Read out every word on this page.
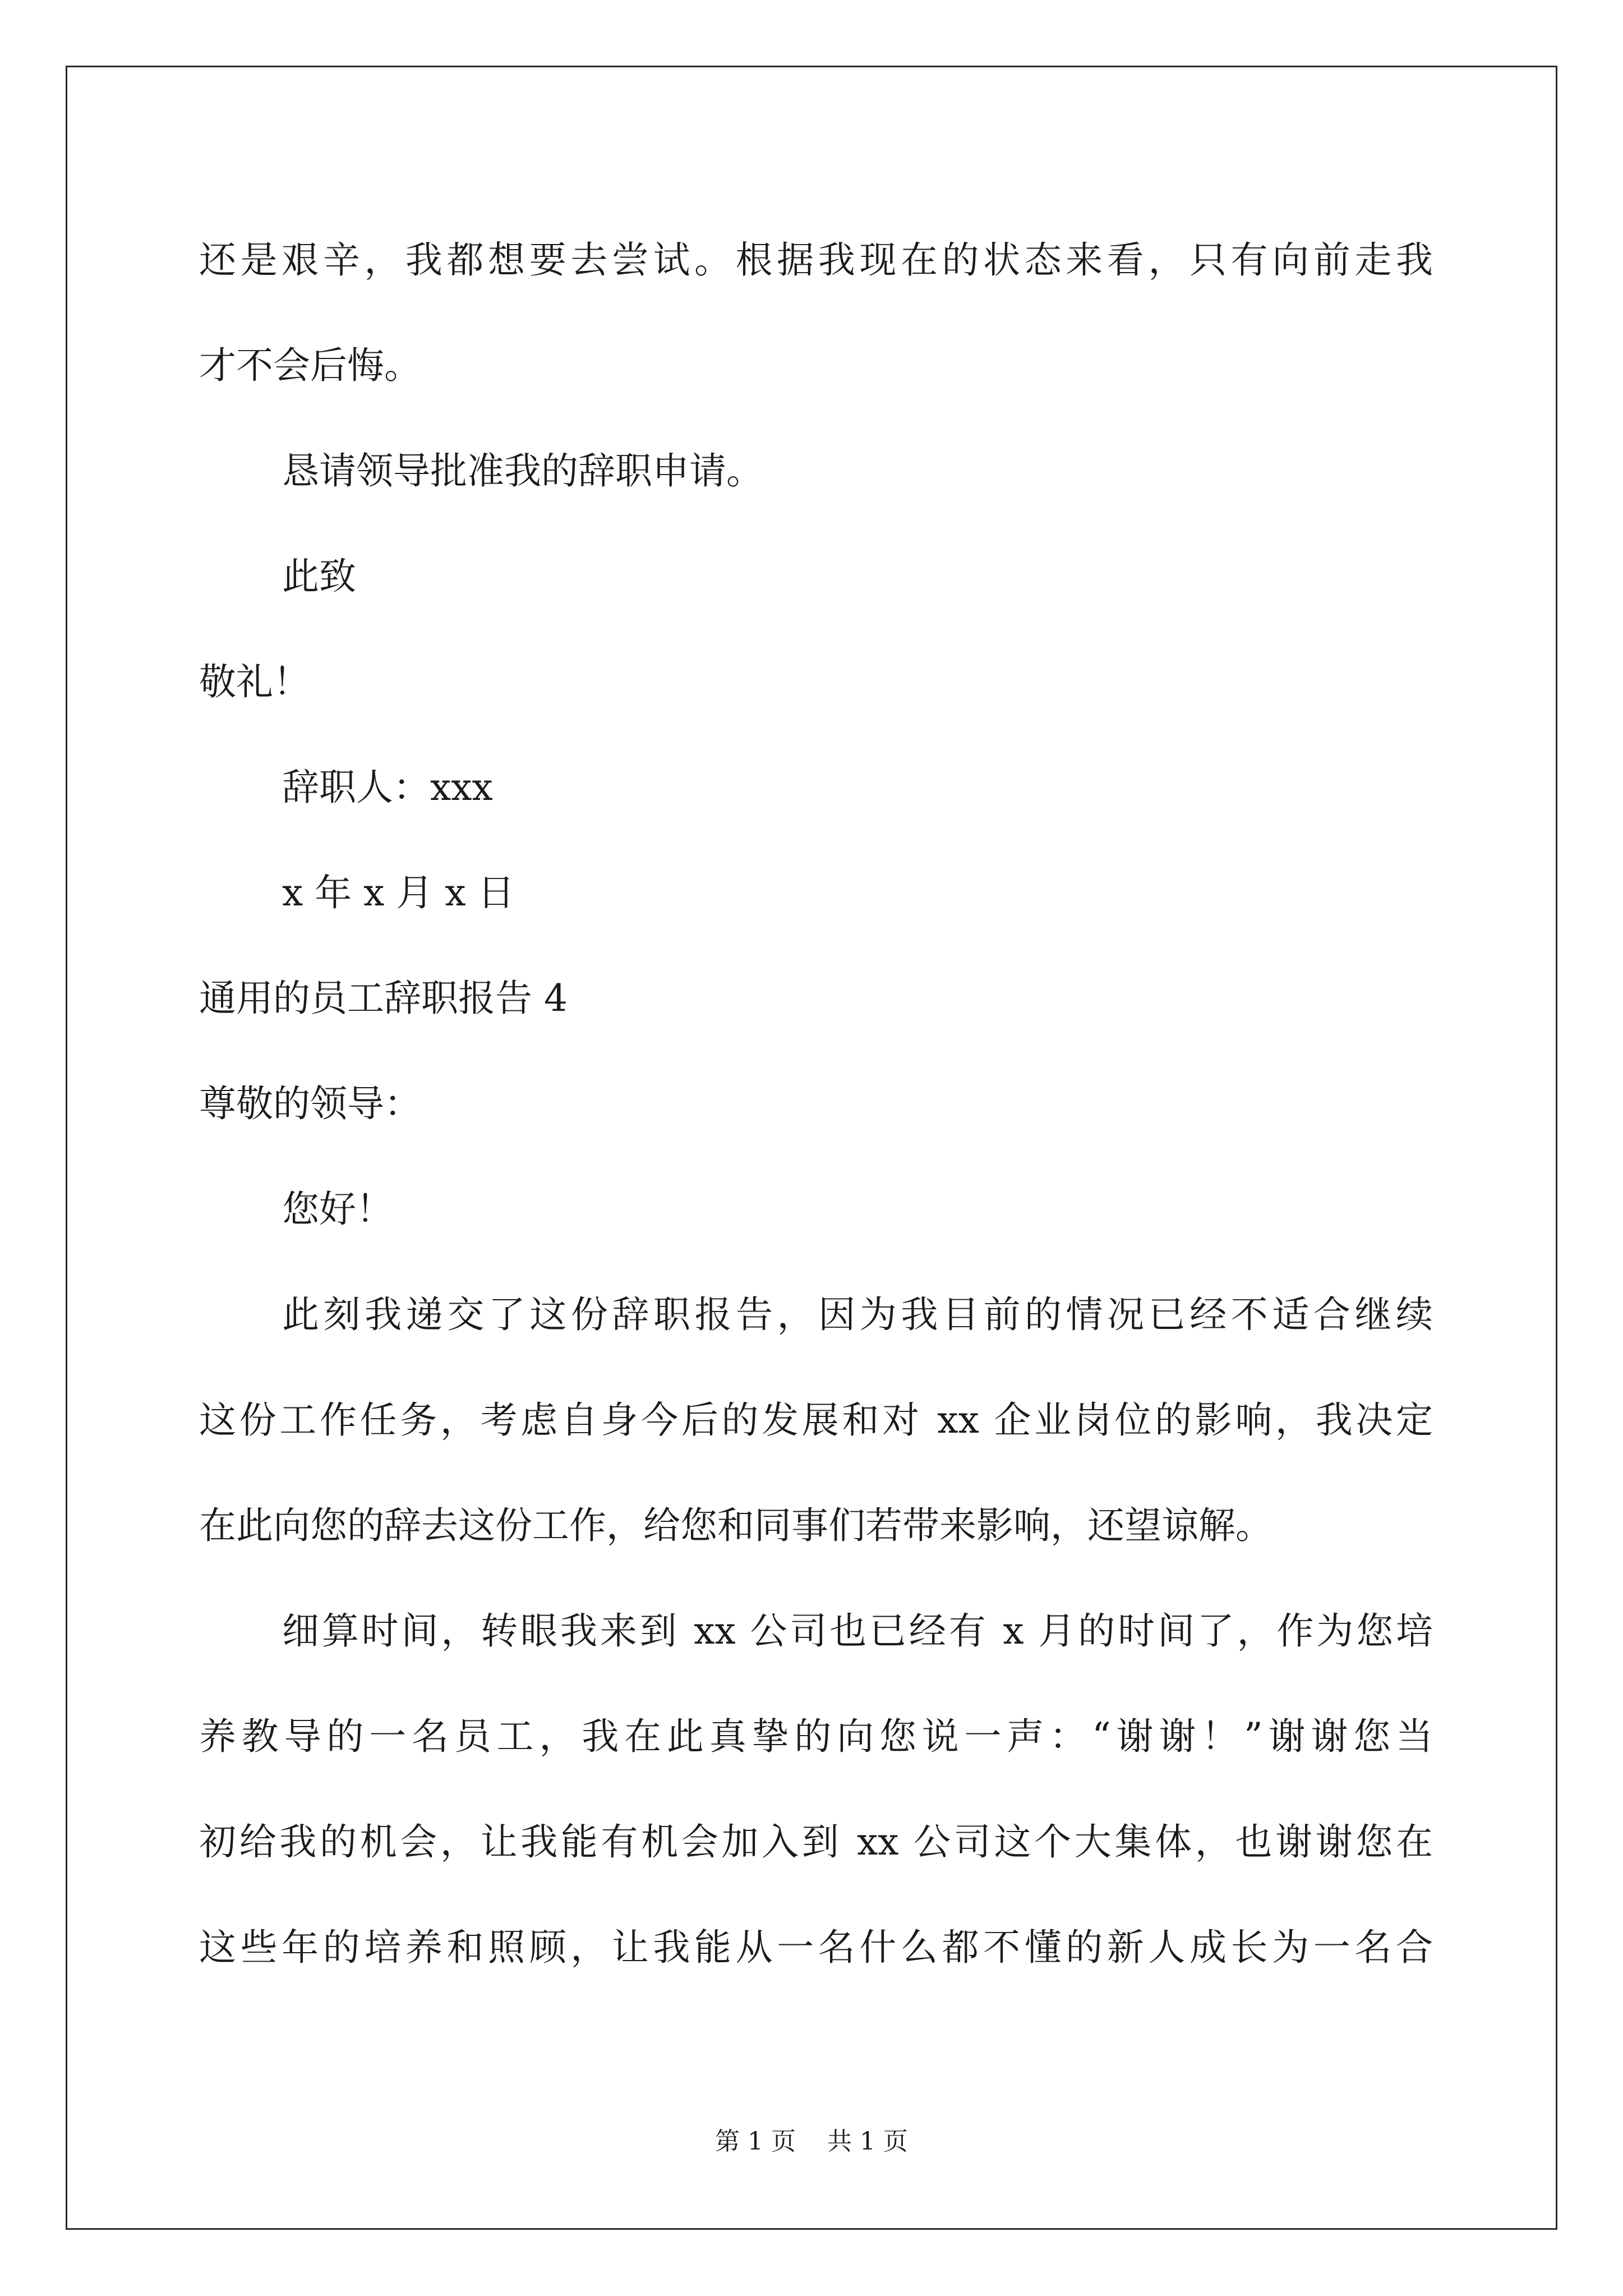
还是艰辛，我都想要去尝试。根据我现在的状态来看，只有向前走我
才不会后悔。
恳请领导批准我的辞职申请。
此致
敬礼！
辞职人：xxx
x 年 x 月 x 日
通用的员工辞职报告 4
尊敬的领导：
您好！
此刻我递交了这份辞职报告，因为我目前的情况已经不适合继续
这份工作任务，考虑自身今后的发展和对 xx 企业岗位的影响，我决定
在此向您的辞去这份工作，给您和同事们若带来影响，还望谅解。
细算时间，转眼我来到 xx 公司也已经有 x 月的时间了，作为您培
养教导的一名员工，我在此真挚的向您说一声：“谢谢！”谢谢您当
初给我的机会，让我能有机会加入到 xx 公司这个大集体，也谢谢您在
这些年的培养和照顾，让我能从一名什么都不懂的新人成长为一名合
第 1 页    共 1 页
